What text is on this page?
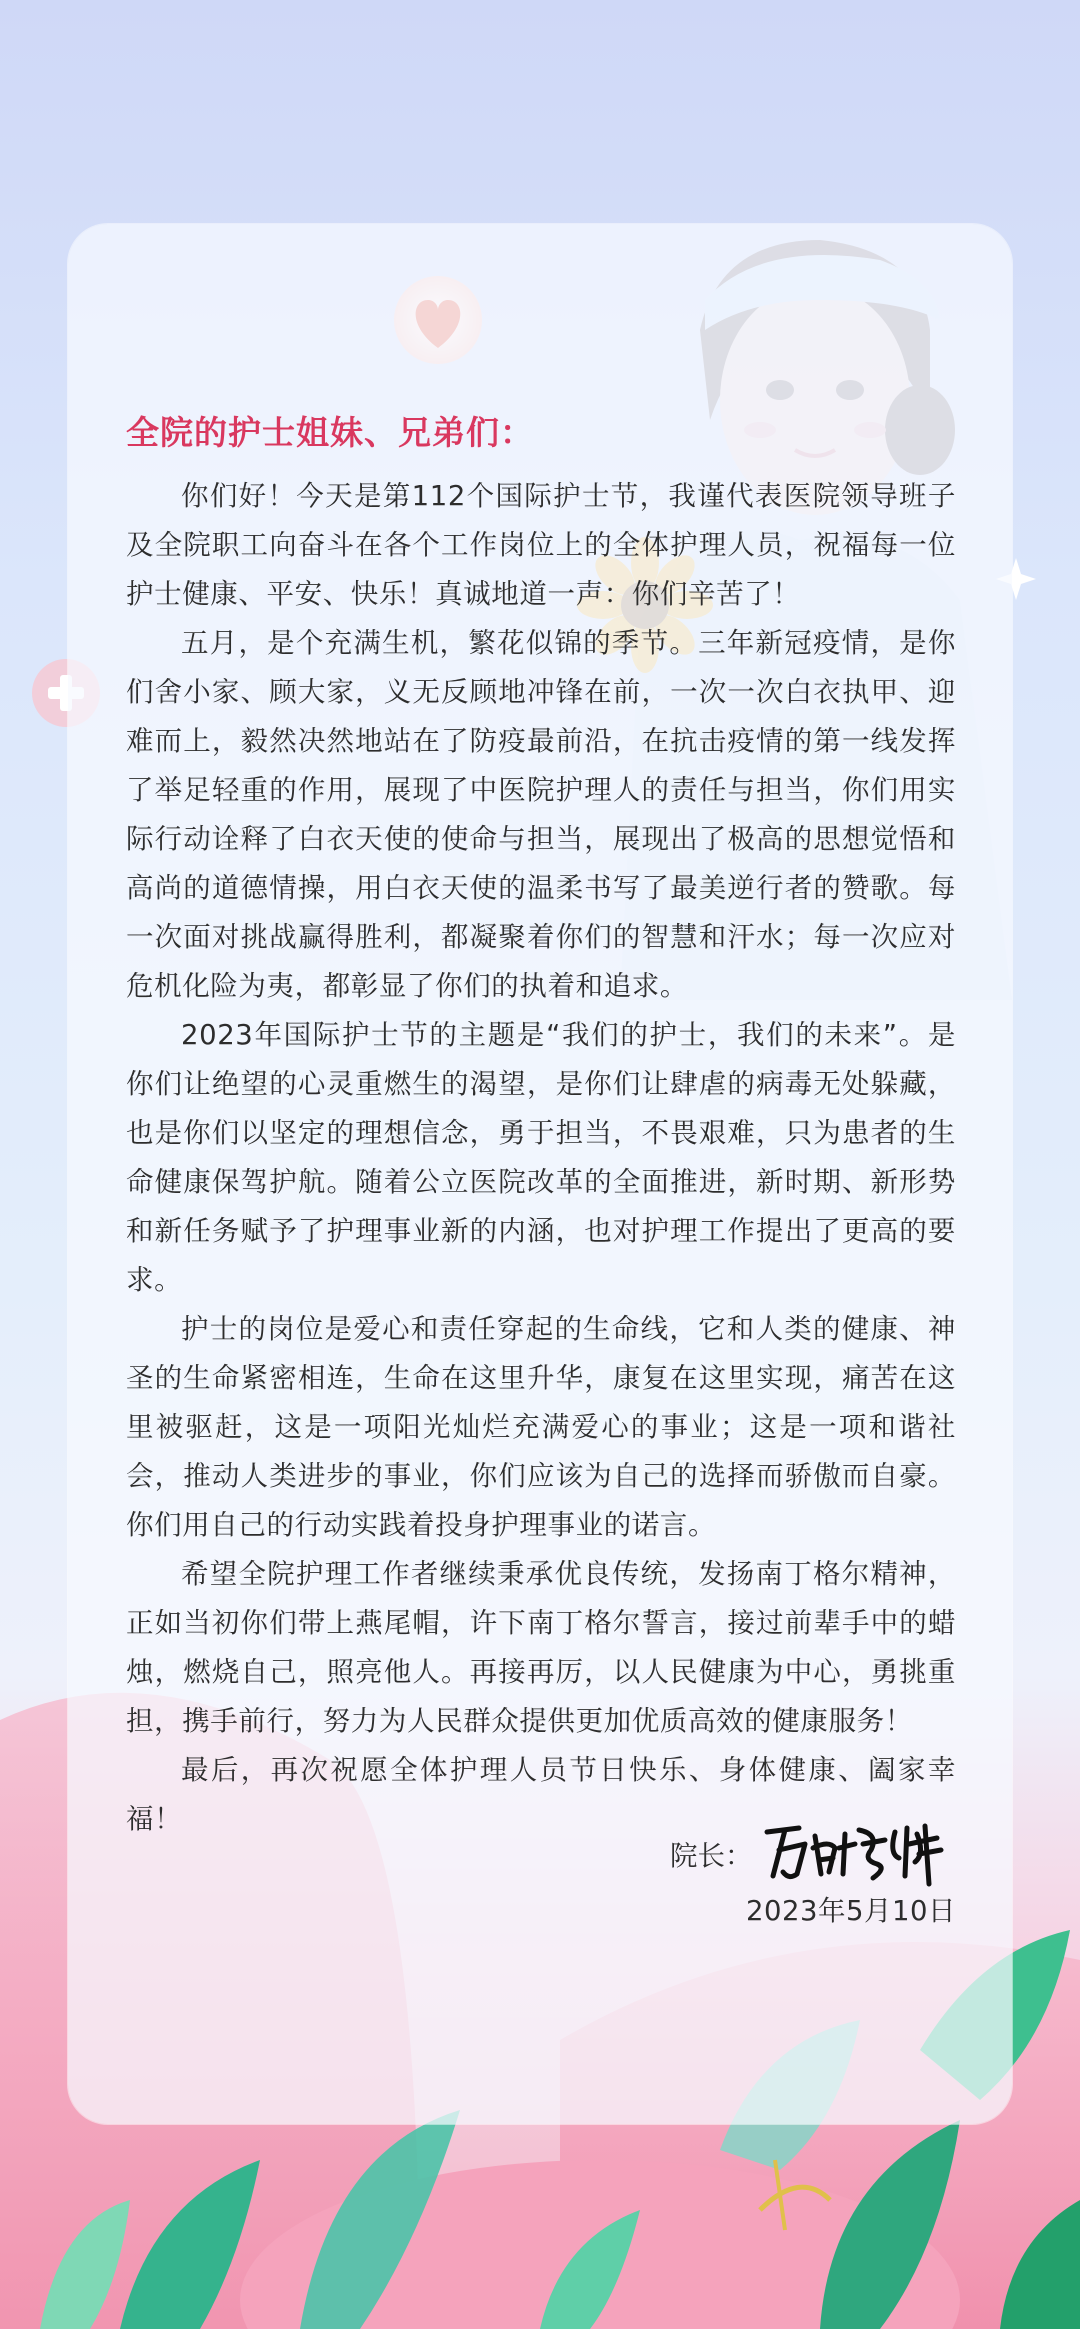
全院的护士姐妹、兄弟们：

你们好！今天是第112个国际护士节，我谨代表医院领导班子及全院职工向奋斗在各个工作岗位上的全体护理人员，祝福每一位护士健康、平安、快乐！真诚地道一声：你们辛苦了！

五月，是个充满生机，繁花似锦的季节。三年新冠疫情，是你们舍小家、顾大家，义无反顾地冲锋在前，一次一次白衣执甲、迎难而上，毅然决然地站在了防疫最前沿，在抗击疫情的第一线发挥了举足轻重的作用，展现了中医院护理人的责任与担当，你们用实际行动诠释了白衣天使的使命与担当，展现出了极高的思想觉悟和高尚的道德情操，用白衣天使的温柔书写了最美逆行者的赞歌。每一次面对挑战赢得胜利，都凝聚着你们的智慧和汗水；每一次应对危机化险为夷，都彰显了你们的执着和追求。

2023年国际护士节的主题是“我们的护士，我们的未来”。是你们让绝望的心灵重燃生的渴望，是你们让肆虐的病毒无处躲藏，也是你们以坚定的理想信念，勇于担当，不畏艰难，只为患者的生命健康保驾护航。随着公立医院改革的全面推进，新时期、新形势和新任务赋予了护理事业新的内涵，也对护理工作提出了更高的要求。

护士的岗位是爱心和责任穿起的生命线，它和人类的健康、神圣的生命紧密相连，生命在这里升华，康复在这里实现，痛苦在这里被驱赶，这是一项阳光灿烂充满爱心的事业；这是一项和谐社会，推动人类进步的事业，你们应该为自己的选择而骄傲而自豪。你们用自己的行动实践着投身护理事业的诺言。

希望全院护理工作者继续秉承优良传统，发扬南丁格尔精神，正如当初你们带上燕尾帽，许下南丁格尔誓言，接过前辈手中的蜡烛，燃烧自己，照亮他人。再接再厉，以人民健康为中心，勇挑重担，携手前行，努力为人民群众提供更加优质高效的健康服务！

最后，再次祝愿全体护理人员节日快乐、身体健康、阖家幸福！

院长：
2023年5月10日
